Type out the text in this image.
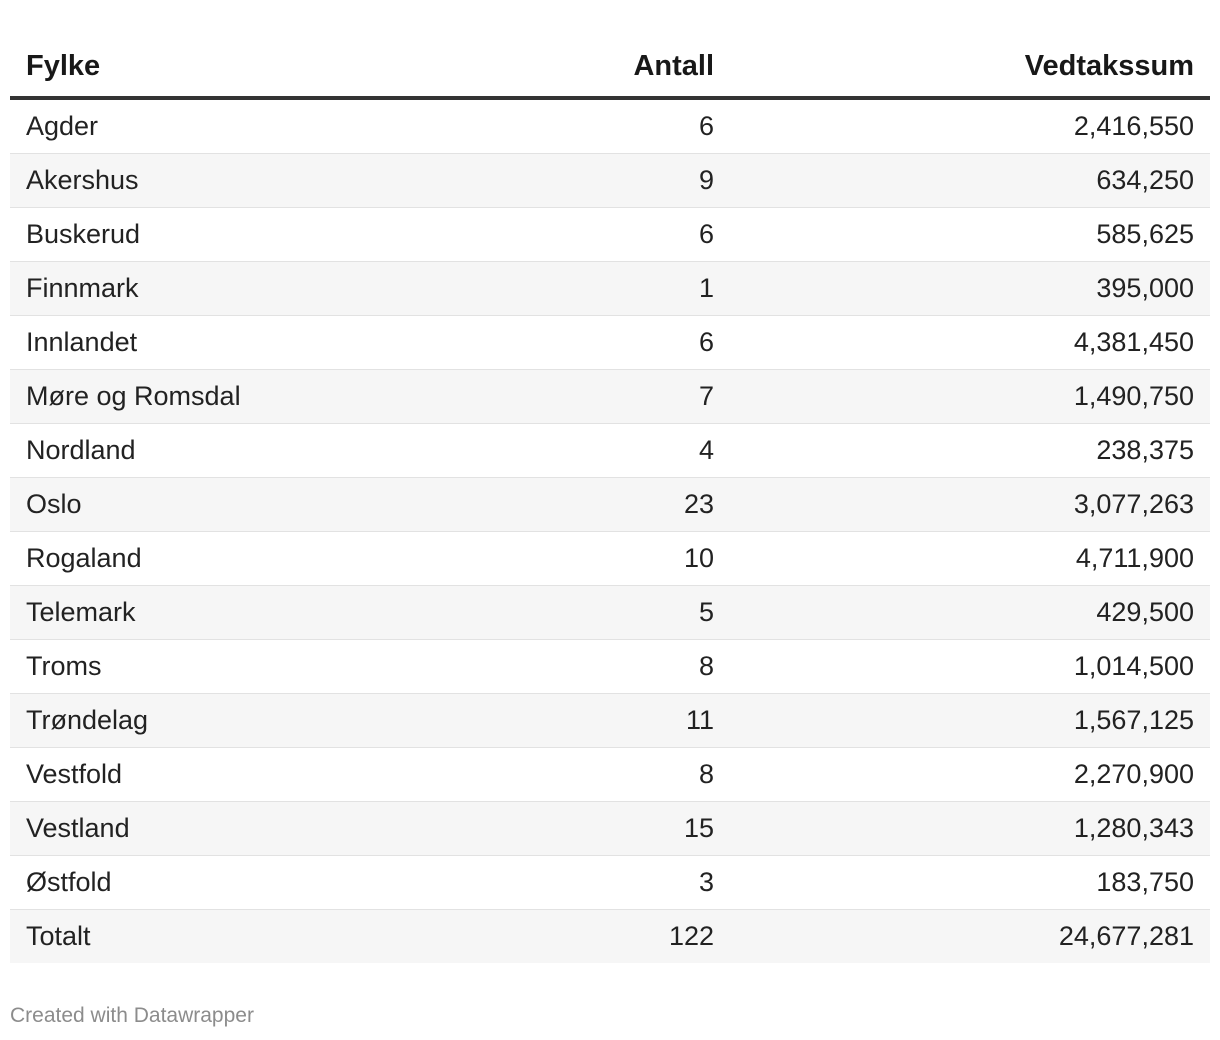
Fylke	Antall	Vedtakssum
Agder	6	2,416,550
Akershus	9	634,250
Buskerud	6	585,625
Finnmark	1	395,000
Innlandet	6	4,381,450
Møre og Romsdal	7	1,490,750
Nordland	4	238,375
Oslo	23	3,077,263
Rogaland	10	4,711,900
Telemark	5	429,500
Troms	8	1,014,500
Trøndelag	11	1,567,125
Vestfold	8	2,270,900
Vestland	15	1,280,343
Østfold	3	183,750
Totalt	122	24,677,281
Created with Datawrapper
